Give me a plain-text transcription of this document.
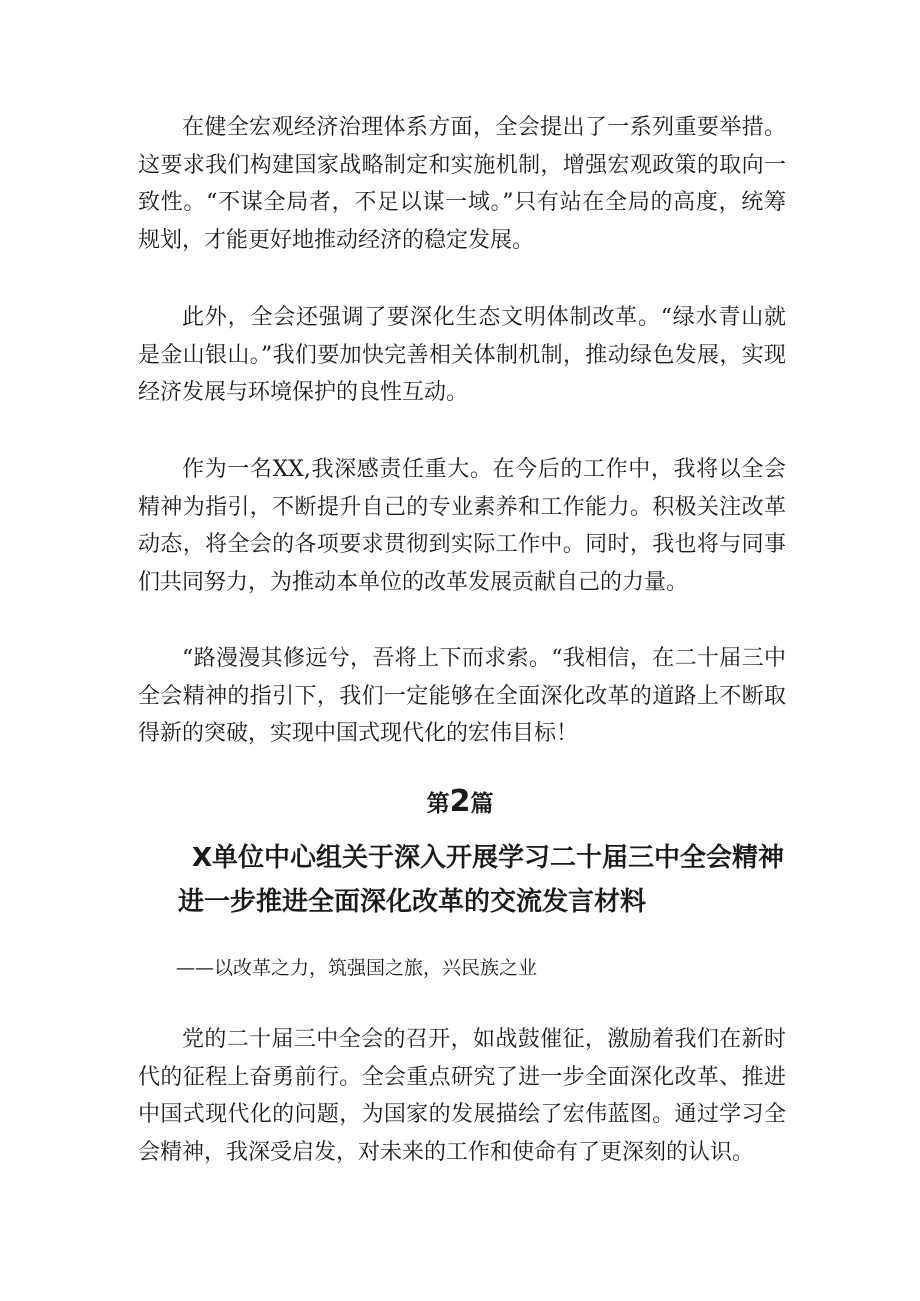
在健全宏观经济治理体系方面，全会提出了一系列重要举措。这要求我们构建国家战略制定和实施机制，增强宏观政策的取向一致性。“不谋全局者，不足以谋一域。”只有站在全局的高度，统筹规划，才能更好地推动经济的稳定发展。

此外，全会还强调了要深化生态文明体制改革。“绿水青山就是金山银山。”我们要加快完善相关体制机制，推动绿色发展，实现经济发展与环境保护的良性互动。

作为一名XX,我深感责任重大。在今后的工作中，我将以全会精神为指引，不断提升自己的专业素养和工作能力。积极关注改革动态，将全会的各项要求贯彻到实际工作中。同时，我也将与同事们共同努力，为推动本单位的改革发展贡献自己的力量。

“路漫漫其修远兮，吾将上下而求索。“我相信，在二十届三中全会精神的指引下，我们一定能够在全面深化改革的道路上不断取得新的突破，实现中国式现代化的宏伟目标！

第2篇
X单位中心组关于深入开展学习二十届三中全会精神
进一步推进全面深化改革的交流发言材料

——以改革之力，筑强国之旅，兴民族之业

党的二十届三中全会的召开，如战鼓催征，激励着我们在新时代的征程上奋勇前行。全会重点研究了进一步全面深化改革、推进中国式现代化的问题，为国家的发展描绘了宏伟蓝图。通过学习全会精神，我深受启发，对未来的工作和使命有了更深刻的认识。
